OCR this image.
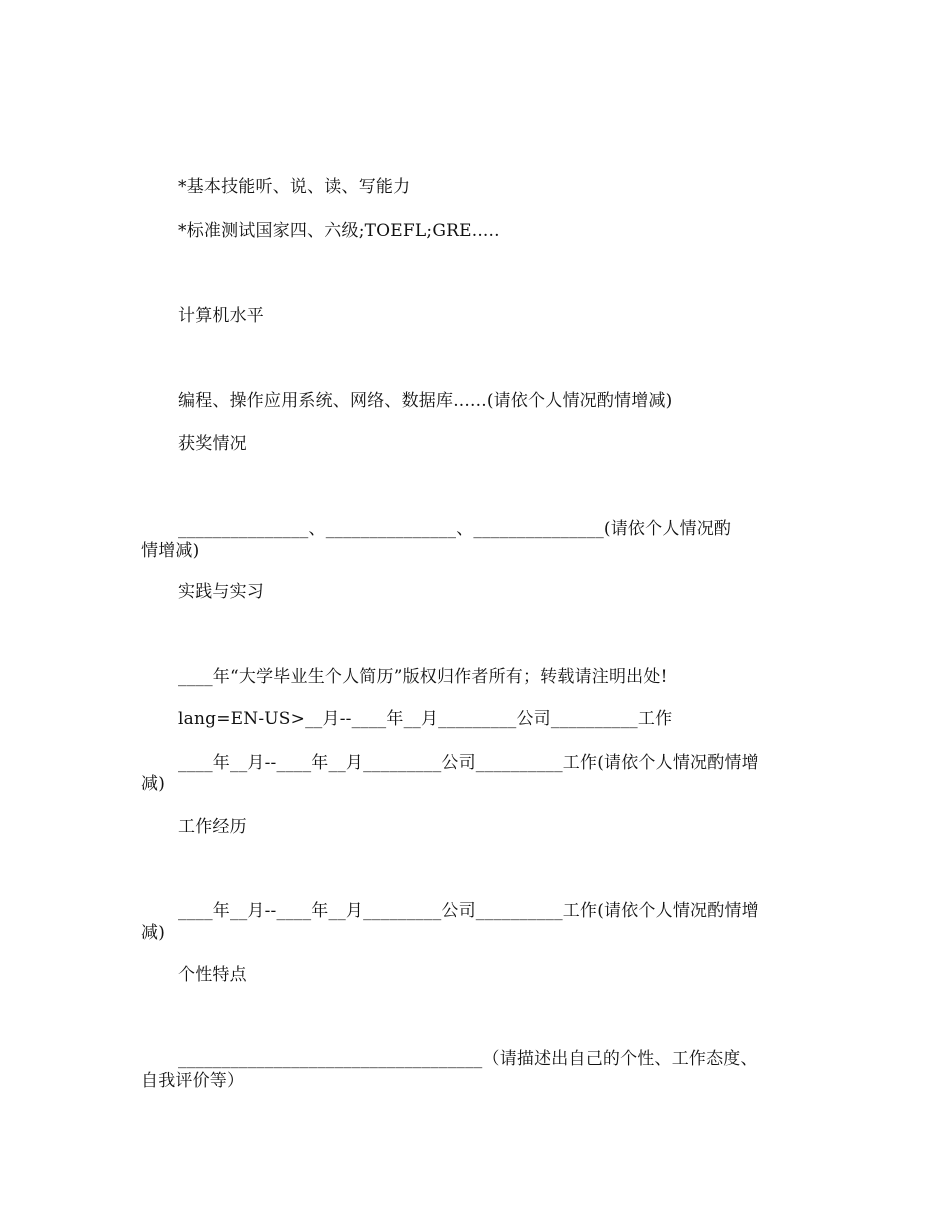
*基本技能听、说、读、写能力
*标准测试国家四、六级;TOEFL;GRE.....
计算机水平
编程、操作应用系统、网络、数据库......(请依个人情况酌情增减)
获奖情况
_______________、_______________、_______________(请依个人情况酌
情增减)
实践与实习
____年“大学毕业生个人简历”版权归作者所有；转载请注明出处!
lang=EN-US>__月--____年__月_________公司__________工作
____年__月--____年__月_________公司__________工作(请依个人情况酌情增
减)
工作经历
____年__月--____年__月_________公司__________工作(请依个人情况酌情增
减)
个性特点
___________________________________（请描述出自己的个性、工作态度、
自我评价等）
